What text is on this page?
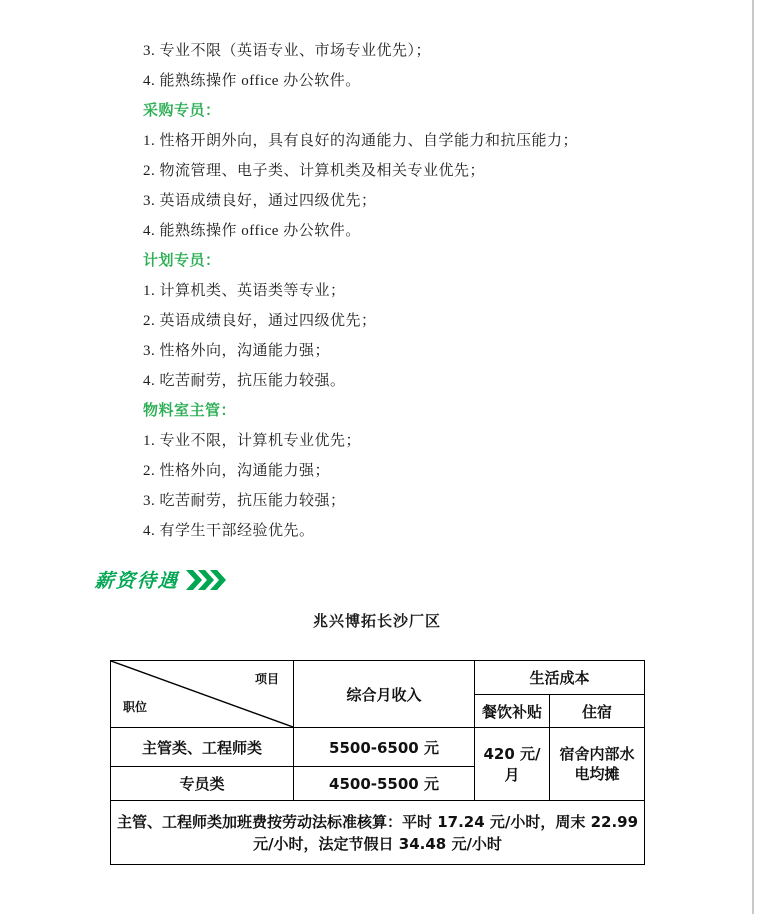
3. 专业不限（英语专业、市场专业优先）；
4. 能熟练操作 office 办公软件。
采购专员：
1. 性格开朗外向，具有良好的沟通能力、自学能力和抗压能力；
2. 物流管理、电子类、计算机类及相关专业优先；
3. 英语成绩良好，通过四级优先；
4. 能熟练操作 office 办公软件。
计划专员：
1. 计算机类、英语类等专业；
2. 英语成绩良好，通过四级优先；
3. 性格外向，沟通能力强；
4. 吃苦耐劳，抗压能力较强。
物料室主管：
1. 专业不限，计算机专业优先；
2. 性格外向，沟通能力强；
3. 吃苦耐劳，抗压能力较强；
4. 有学生干部经验优先。
薪资待遇
兆兴博拓长沙厂区
项目
职位	综合月收入	生活成本	
		餐饮补贴	住宿
主管类、工程师类	5500-6500 元	420 元/月	宿舍内部水电均摊
专员类	4500-5500 元		
主管、工程师类加班费按劳动法标准核算：平时 17.24 元/小时，周末 22.99 元/小时，法定节假日 34.48 元/小时			
